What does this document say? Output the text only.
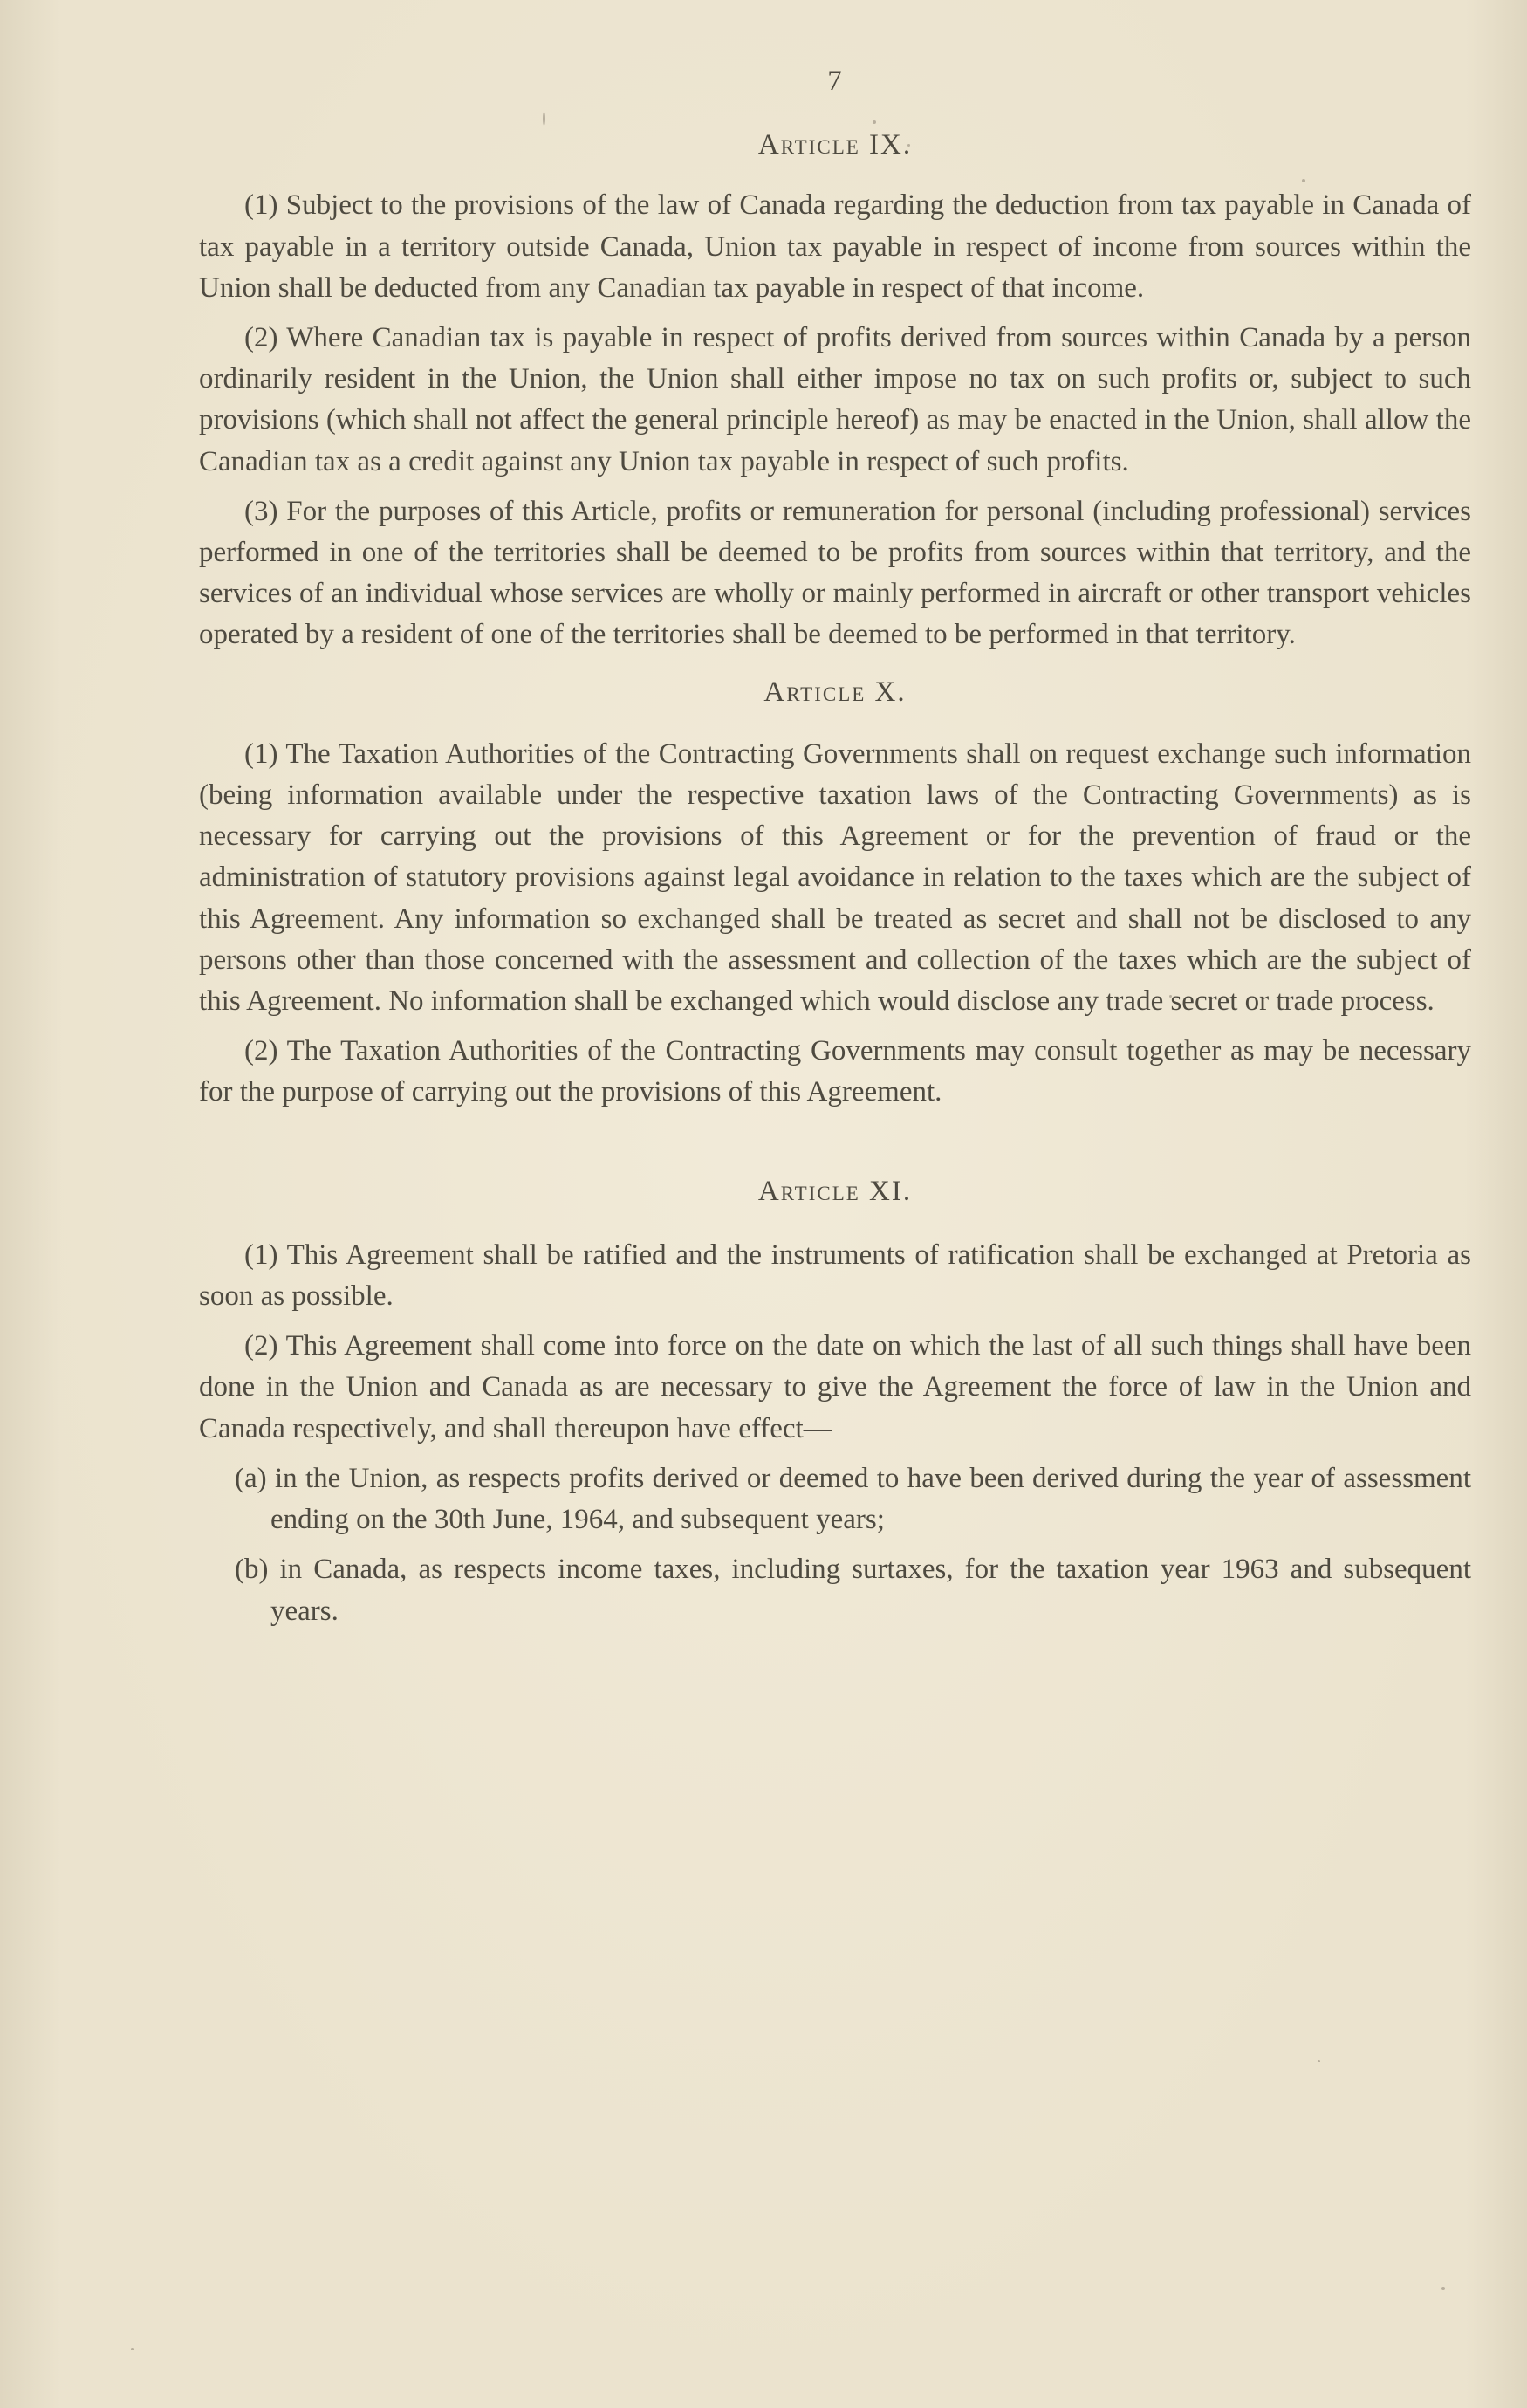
7
Article IX.

(1) Subject to the provisions of the law of Canada regarding the deduction from tax payable in Canada of tax payable in a territory outside Canada, Union tax payable in respect of income from sources within the Union shall be deducted from any Canadian tax payable in respect of that income.

(2) Where Canadian tax is payable in respect of profits derived from sources within Canada by a person ordinarily resident in the Union, the Union shall either impose no tax on such profits or, subject to such provisions (which shall not affect the general principle hereof) as may be enacted in the Union, shall allow the Canadian tax as a credit against any Union tax payable in respect of such profits.

(3) For the purposes of this Article, profits or remuneration for personal (including professional) services performed in one of the territories shall be deemed to be profits from sources within that territory, and the services of an individual whose services are wholly or mainly performed in aircraft or other transport vehicles operated by a resident of one of the territories shall be deemed to be performed in that territory.

Article X.

(1) The Taxation Authorities of the Contracting Governments shall on request exchange such information (being information available under the respective taxation laws of the Contracting Governments) as is necessary for carrying out the provisions of this Agreement or for the prevention of fraud or the administration of statutory provisions against legal avoidance in relation to the taxes which are the subject of this Agreement. Any information so exchanged shall be treated as secret and shall not be disclosed to any persons other than those concerned with the assessment and collection of the taxes which are the subject of this Agreement. No information shall be exchanged which would disclose any trade secret or trade process.

(2) The Taxation Authorities of the Contracting Governments may consult together as may be necessary for the purpose of carrying out the provisions of this Agreement.

Article XI.

(1) This Agreement shall be ratified and the instruments of ratification shall be exchanged at Pretoria as soon as possible.

(2) This Agreement shall come into force on the date on which the last of all such things shall have been done in the Union and Canada as are necessary to give the Agreement the force of law in the Union and Canada respectively, and shall thereupon have effect—

(a) in the Union, as respects profits derived or deemed to have been derived during the year of assessment ending on the 30th June, 1964, and subsequent years;

(b) in Canada, as respects income taxes, including surtaxes, for the taxation year 1963 and subsequent years.
